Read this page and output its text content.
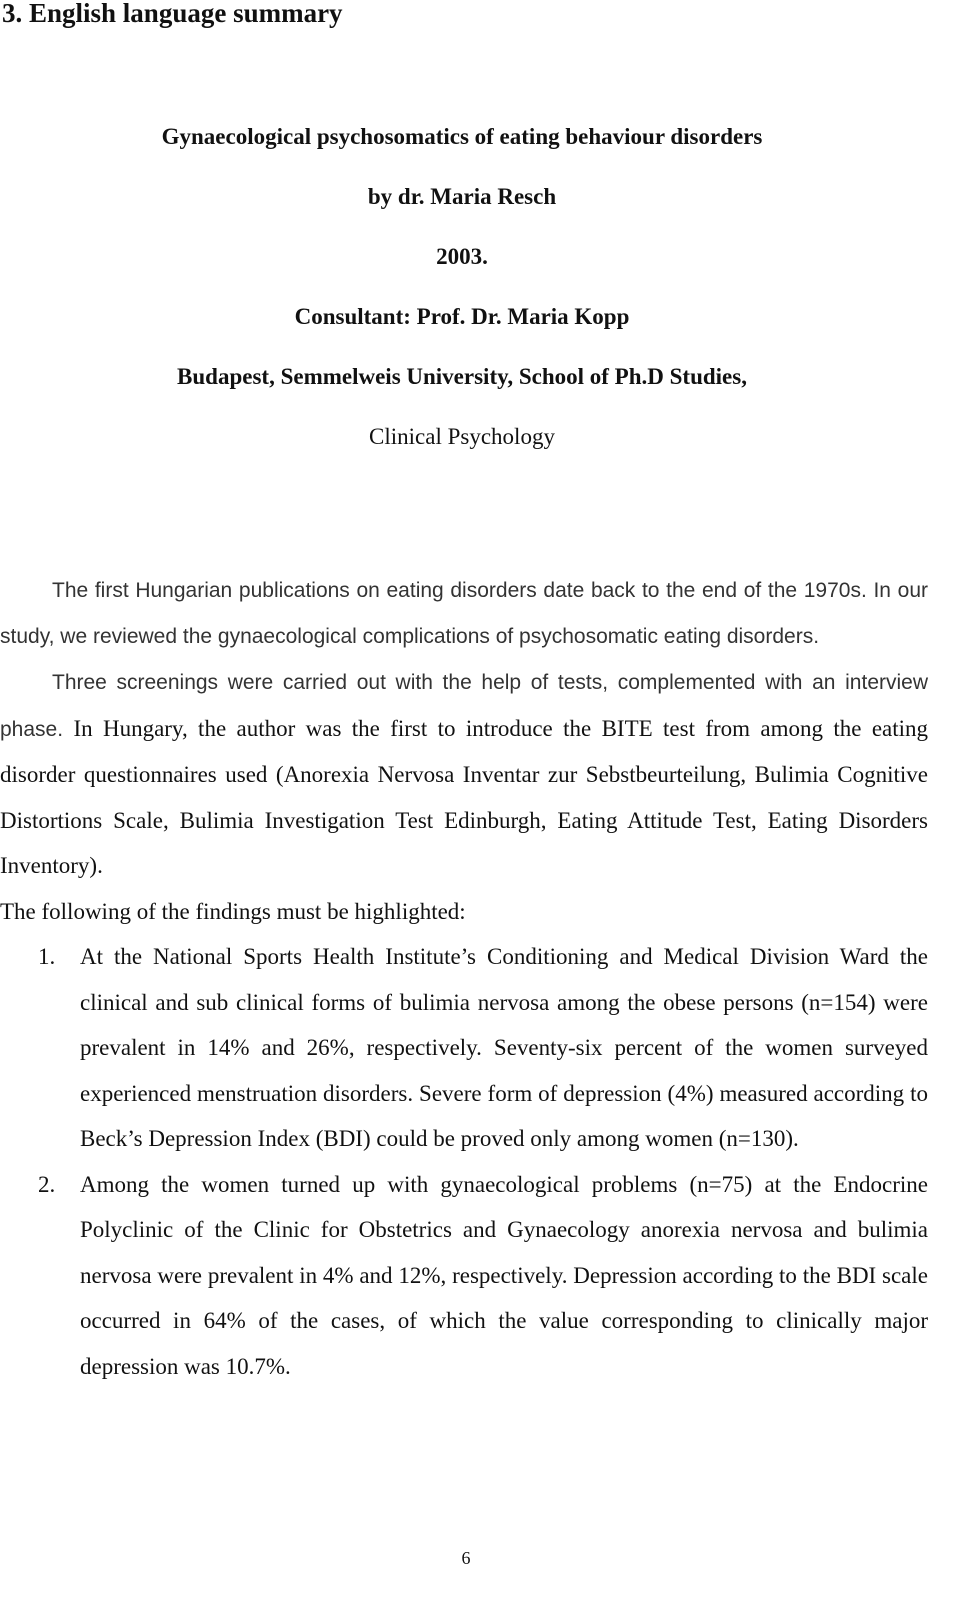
3. English language summary
Gynaecological psychosomatics of eating behaviour disorders
by dr. Maria Resch
2003.
Consultant: Prof. Dr. Maria Kopp
Budapest, Semmelweis University, School of Ph.D Studies,
Clinical Psychology

The first Hungarian publications on eating disorders date back to the end of the 1970s. In our study, we reviewed the gynaecological complications of psychosomatic eating disorders.

Three screenings were carried out with the help of tests, complemented with an interview phase. In Hungary, the author was the first to introduce the BITE test from among the eating disorder questionnaires used (Anorexia Nervosa Inventar zur Sebstbeurteilung, Bulimia Cognitive Distortions Scale, Bulimia Investigation Test Edinburgh, Eating Attitude Test, Eating Disorders Inventory).

The following of the findings must be highlighted:

1. At the National Sports Health Institute’s Conditioning and Medical Division Ward the clinical and sub clinical forms of bulimia nervosa among the obese persons (n=154) were prevalent in 14% and 26%, respectively. Seventy-six percent of the women surveyed experienced menstruation disorders. Severe form of depression (4%) measured according to Beck’s Depression Index (BDI) could be proved only among women (n=130).
2. Among the women turned up with gynaecological problems (n=75) at the Endocrine Polyclinic of the Clinic for Obstetrics and Gynaecology anorexia nervosa and bulimia nervosa were prevalent in 4% and 12%, respectively. Depression according to the BDI scale occurred in 64% of the cases, of which the value corresponding to clinically major depression was 10.7%.
6
